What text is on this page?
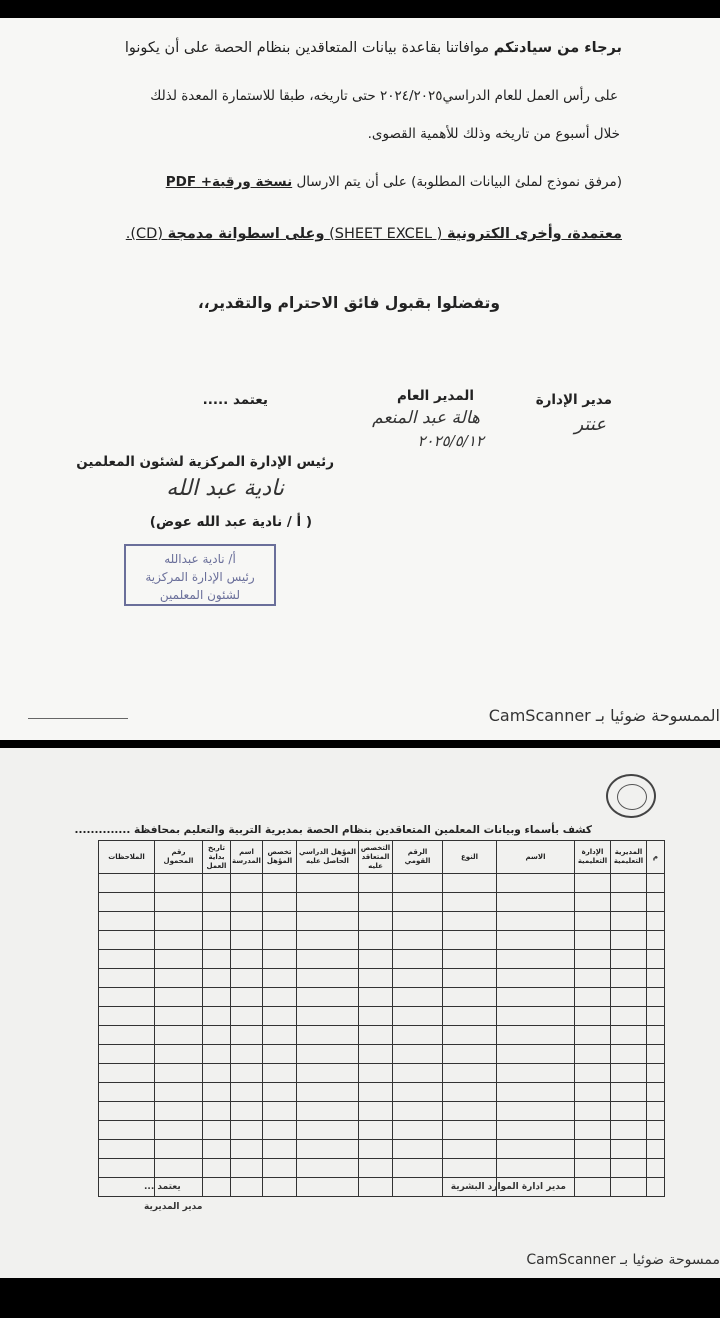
برجاء من سيادتكم موافاتنا بقاعدة بيانات المتعاقدين بنظام الحصة على أن يكونوا
على رأس العمل للعام الدراسي٢٠٢٤/٢٠٢٥ حتى تاريخه، طبقا للاستمارة المعدة لذلك
خلال أسبوع من تاريخه وذلك للأهمية القصوى.
(مرفق نموذج لملئ البيانات المطلوبة) على أن يتم الارسال نسخة ورقية+ PDF
معتمدة، وأخرى الكترونية ( SHEET EXCEL) وعلى اسطوانة مدمجة (CD).
وتفضلوا بقبول فائق الاحترام والتقدير،،
مدير الإدارة
عنتر
المدير العام
هالة عبد المنعم
٢٠٢٥/٥/١٢
يعتمد .....
رئيس الإدارة المركزية لشئون المعلمين
نادية عبد الله
( أ / نادية عبد الله عوض)
أ/ نادية عبدالله
رئيس الإدارة المركزية
لشئون المعلمين
الممسوحة ضوئيا بـ CamScanner
كشف بأسماء وبيانات المعلمين المتعاقدين بنظام الحصة بمديرية التربية والتعليم بمحافظة ..............
م	المديرية التعليمية	الإدارة التعليمية	الاسم	النوع	الرقم القومي	التخصص المتعاقد عليه	المؤهل الدراسي الحاصل عليه	تخصص المؤهل	اسم المدرسة	تاريخ بداية العمل	رقم المحمول	الملاحظات

مدير ادارة الموارد البشرية
يعتمد ...
مدير المديرية
ممسوحة ضوئيا بـ CamScanner
